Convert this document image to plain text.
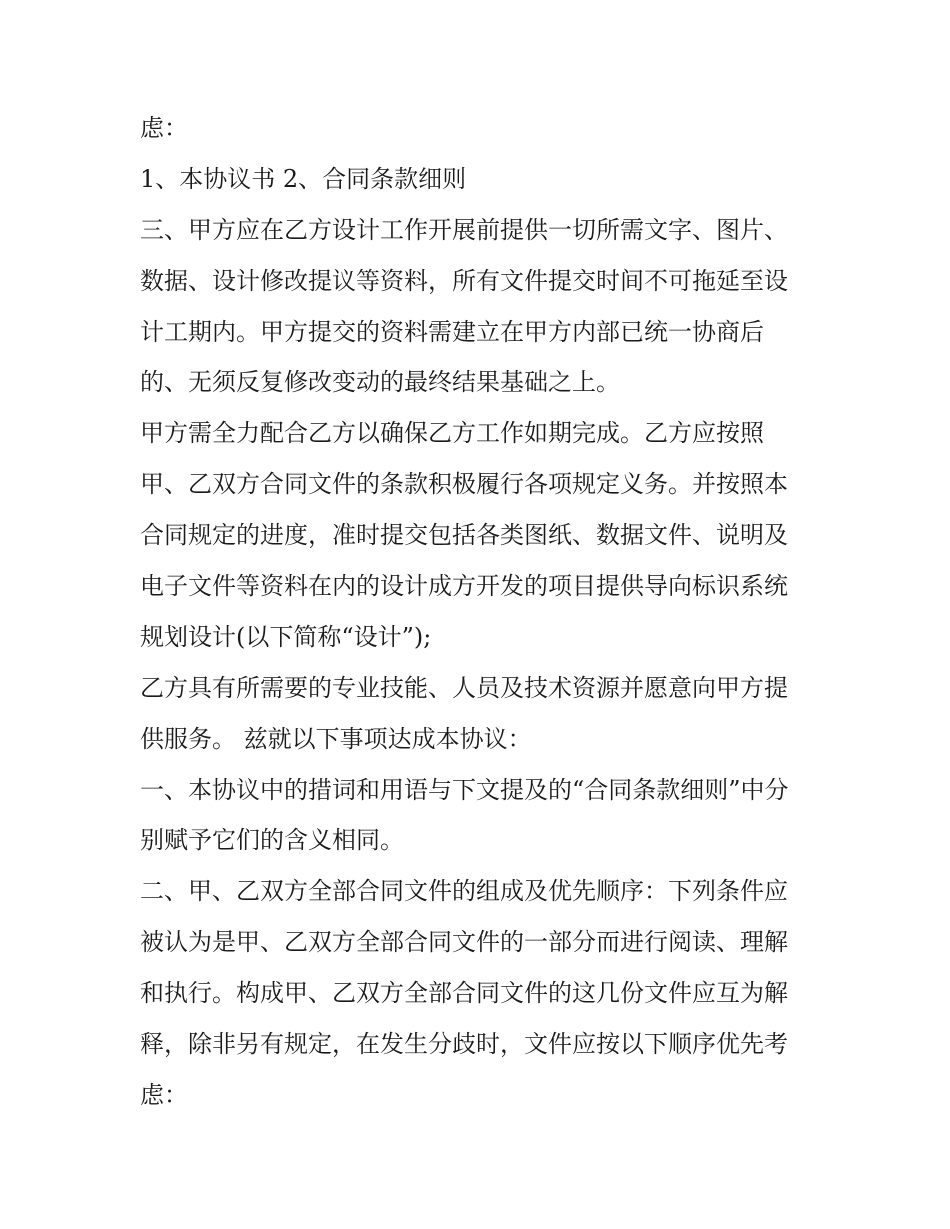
虑：
1、本协议书 2、合同条款细则
三、甲方应在乙方设计工作开展前提供一切所需文字、图片、
数据、设计修改提议等资料，所有文件提交时间不可拖延至设
计工期内。甲方提交的资料需建立在甲方内部已统一协商后
的、无须反复修改变动的最终结果基础之上。
甲方需全力配合乙方以确保乙方工作如期完成。乙方应按照
甲、乙双方合同文件的条款积极履行各项规定义务。并按照本
合同规定的进度，准时提交包括各类图纸、数据文件、说明及
电子文件等资料在内的设计成方开发的项目提供导向标识系统
规划设计(以下简称“设计”);
乙方具有所需要的专业技能、人员及技术资源并愿意向甲方提
供服务。 兹就以下事项达成本协议：
一、本协议中的措词和用语与下文提及的“合同条款细则”中分
别赋予它们的含义相同。
二、甲、乙双方全部合同文件的组成及优先顺序：下列条件应
被认为是甲、乙双方全部合同文件的一部分而进行阅读、理解
和执行。构成甲、乙双方全部合同文件的这几份文件应互为解
释，除非另有规定，在发生分歧时，文件应按以下顺序优先考
虑：
